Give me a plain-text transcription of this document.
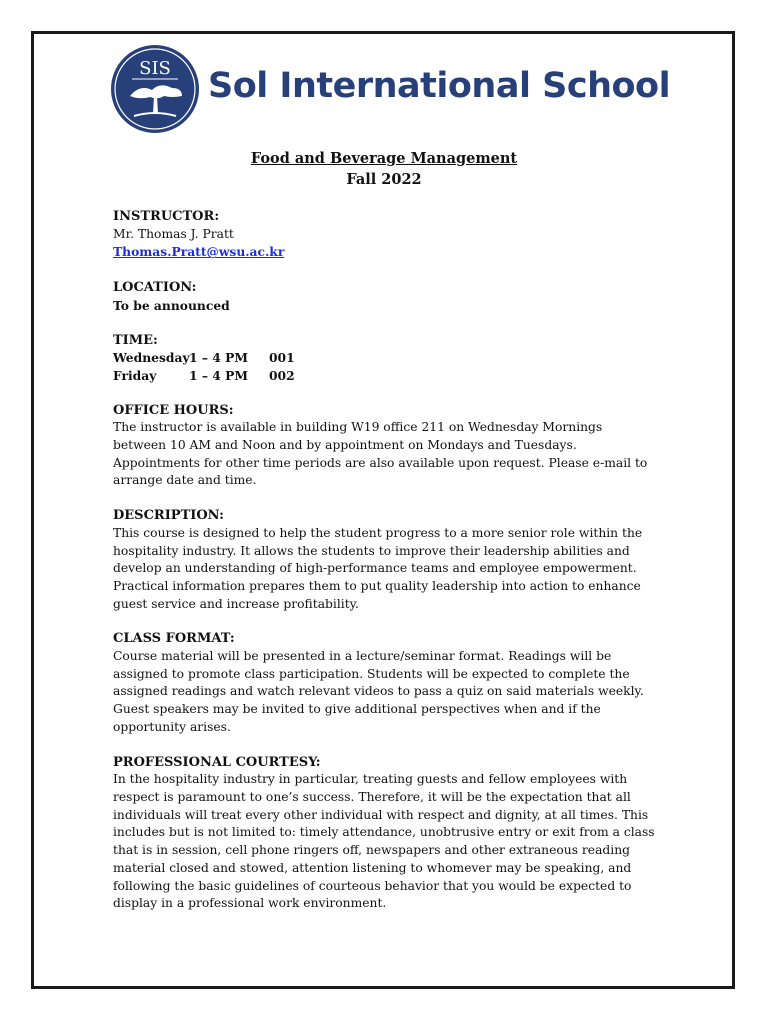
SIS Sol International School
Food and Beverage Management
Fall 2022
INSTRUCTOR:
Mr. Thomas J. Pratt
Thomas.Pratt@wsu.ac.kr
LOCATION:
To be announced
TIME:
Wednesday 1 – 4 PM	001
Friday	1 – 4 PM	002
OFFICE HOURS:
The instructor is available in building W19 office 211 on Wednesday Mornings between 10 AM and Noon and by appointment on Mondays and Tuesdays. Appointments for other time periods are also available upon request. Please e-mail to arrange date and time.
DESCRIPTION:
This course is designed to help the student progress to a more senior role within the hospitality industry. It allows the students to improve their leadership abilities and develop an understanding of high-performance teams and employee empowerment. Practical information prepares them to put quality leadership into action to enhance guest service and increase profitability.
CLASS FORMAT:
Course material will be presented in a lecture/seminar format. Readings will be assigned to promote class participation. Students will be expected to complete the assigned readings and watch relevant videos to pass a quiz on said materials weekly. Guest speakers may be invited to give additional perspectives when and if the opportunity arises.
PROFESSIONAL COURTESY:
In the hospitality industry in particular, treating guests and fellow employees with respect is paramount to one’s success. Therefore, it will be the expectation that all individuals will treat every other individual with respect and dignity, at all times. This includes but is not limited to: timely attendance, unobtrusive entry or exit from a class that is in session, cell phone ringers off, newspapers and other extraneous reading material closed and stowed, attention listening to whomever may be speaking, and following the basic guidelines of courteous behavior that you would be expected to display in a professional work environment.
